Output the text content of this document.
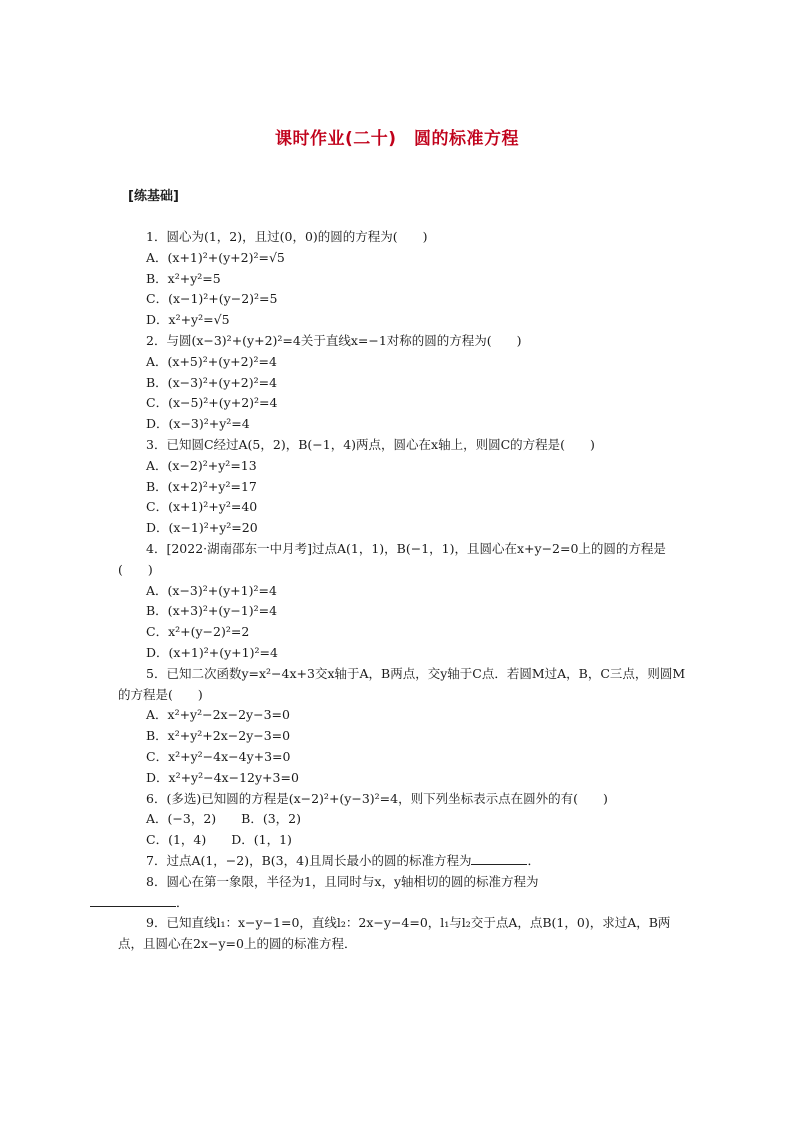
课时作业(二十)　圆的标准方程
[练基础]

1．圆心为(1，2)，且过(0，0)的圆的方程为(　　)

A．(x+1)²+(y+2)²=√5

B．x²+y²=5

C．(x−1)²+(y−2)²=5

D．x²+y²=√5

2．与圆(x−3)²+(y+2)²=4关于直线x=−1对称的圆的方程为(　　)

A．(x+5)²+(y+2)²=4

B．(x−3)²+(y+2)²=4

C．(x−5)²+(y+2)²=4

D．(x−3)²+y²=4

3．已知圆C经过A(5，2)，B(−1，4)两点，圆心在x轴上，则圆C的方程是(　　)

A．(x−2)²+y²=13

B．(x+2)²+y²=17

C．(x+1)²+y²=40

D．(x−1)²+y²=20

4．[2022·湖南邵东一中月考]过点A(1，1)，B(−1，1)，且圆心在x+y−2=0上的圆的方程是(　　)

A．(x−3)²+(y+1)²=4

B．(x+3)²+(y−1)²=4

C．x²+(y−2)²=2

D．(x+1)²+(y+1)²=4

5．已知二次函数y=x²−4x+3交x轴于A，B两点，交y轴于C点．若圆M过A，B，C三点，则圆M的方程是(　　)

A．x²+y²−2x−2y−3=0

B．x²+y²+2x−2y−3=0

C．x²+y²−4x−4y+3=0

D．x²+y²−4x−12y+3=0

6．(多选)已知圆的方程是(x−2)²+(y−3)²=4，则下列坐标表示点在圆外的有(　　)

A．(−3，2)　　B．(3，2)

C．(1，4)　　D．(1，1)

7．过点A(1，−2)，B(3，4)且周长最小的圆的标准方程为	．

8．圆心在第一象限，半径为1，且同时与x，y轴相切的圆的标准方程为
．

9．已知直线l₁：x−y−1=0，直线l₂：2x−y−4=0，l₁与l₂交于点A，点B(1，0)，求过A，B两点，且圆心在2x−y=0上的圆的标准方程．
